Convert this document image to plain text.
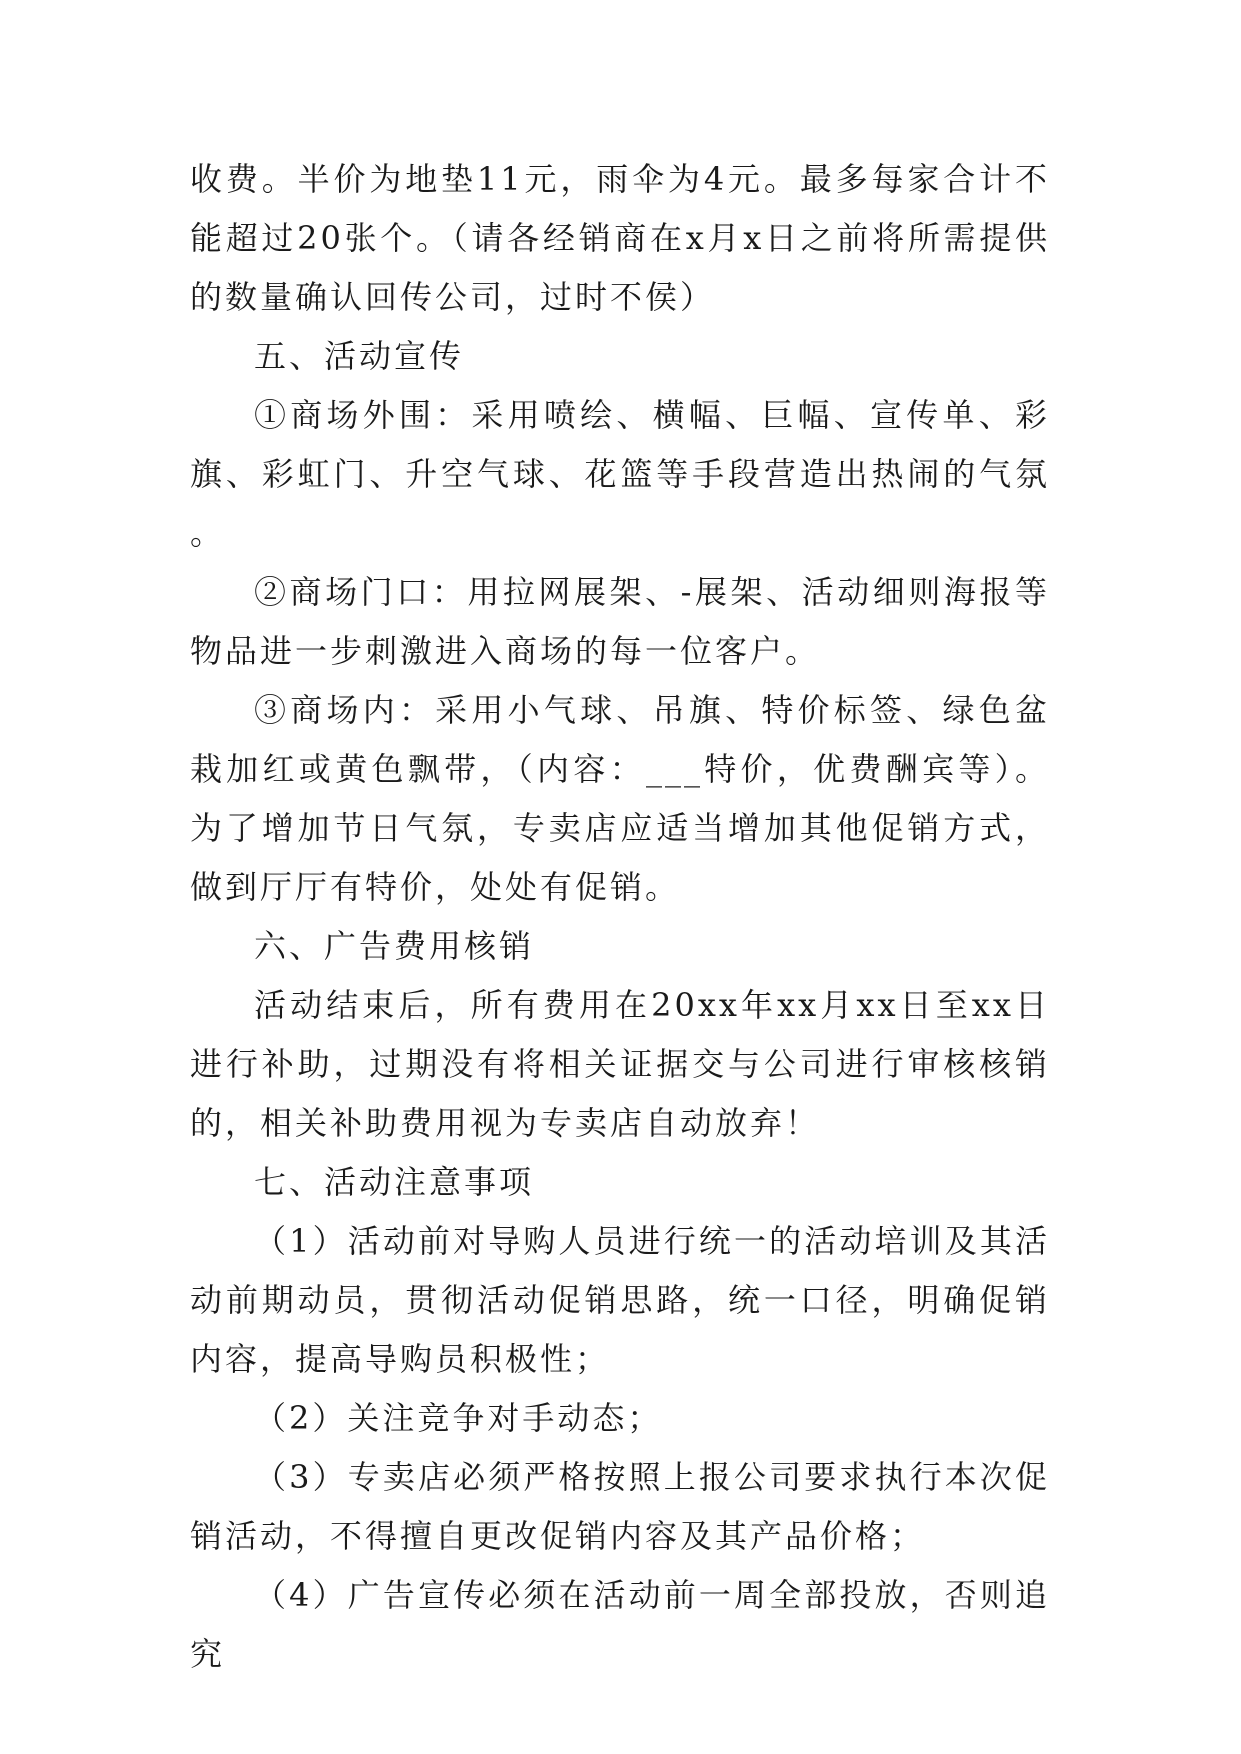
收费。半价为地垫11元，雨伞为4元。最多每家合计不能超过20张个。（请各经销商在x月x日之前将所需提供的数量确认回传公司，过时不侯）

五、活动宣传

①商场外围：采用喷绘、横幅、巨幅、宣传单、彩旗、彩虹门、升空气球、花篮等手段营造出热闹的气氛。

②商场门口：用拉网展架、-展架、活动细则海报等物品进一步刺激进入商场的每一位客户。

③商场内：采用小气球、吊旗、特价标签、绿色盆栽加红或黄色飘带，（内容：___特价，优费酬宾等）。为了增加节日气氛，专卖店应适当增加其他促销方式，做到厅厅有特价，处处有促销。

六、广告费用核销

活动结束后，所有费用在20xx年xx月xx日至xx日进行补助，过期没有将相关证据交与公司进行审核核销的，相关补助费用视为专卖店自动放弃！

七、活动注意事项

（1）活动前对导购人员进行统一的活动培训及其活动前期动员，贯彻活动促销思路，统一口径，明确促销内容，提高导购员积极性；

（2）关注竞争对手动态；

（3）专卖店必须严格按照上报公司要求执行本次促销活动，不得擅自更改促销内容及其产品价格；

（4）广告宣传必须在活动前一周全部投放，否则追究
